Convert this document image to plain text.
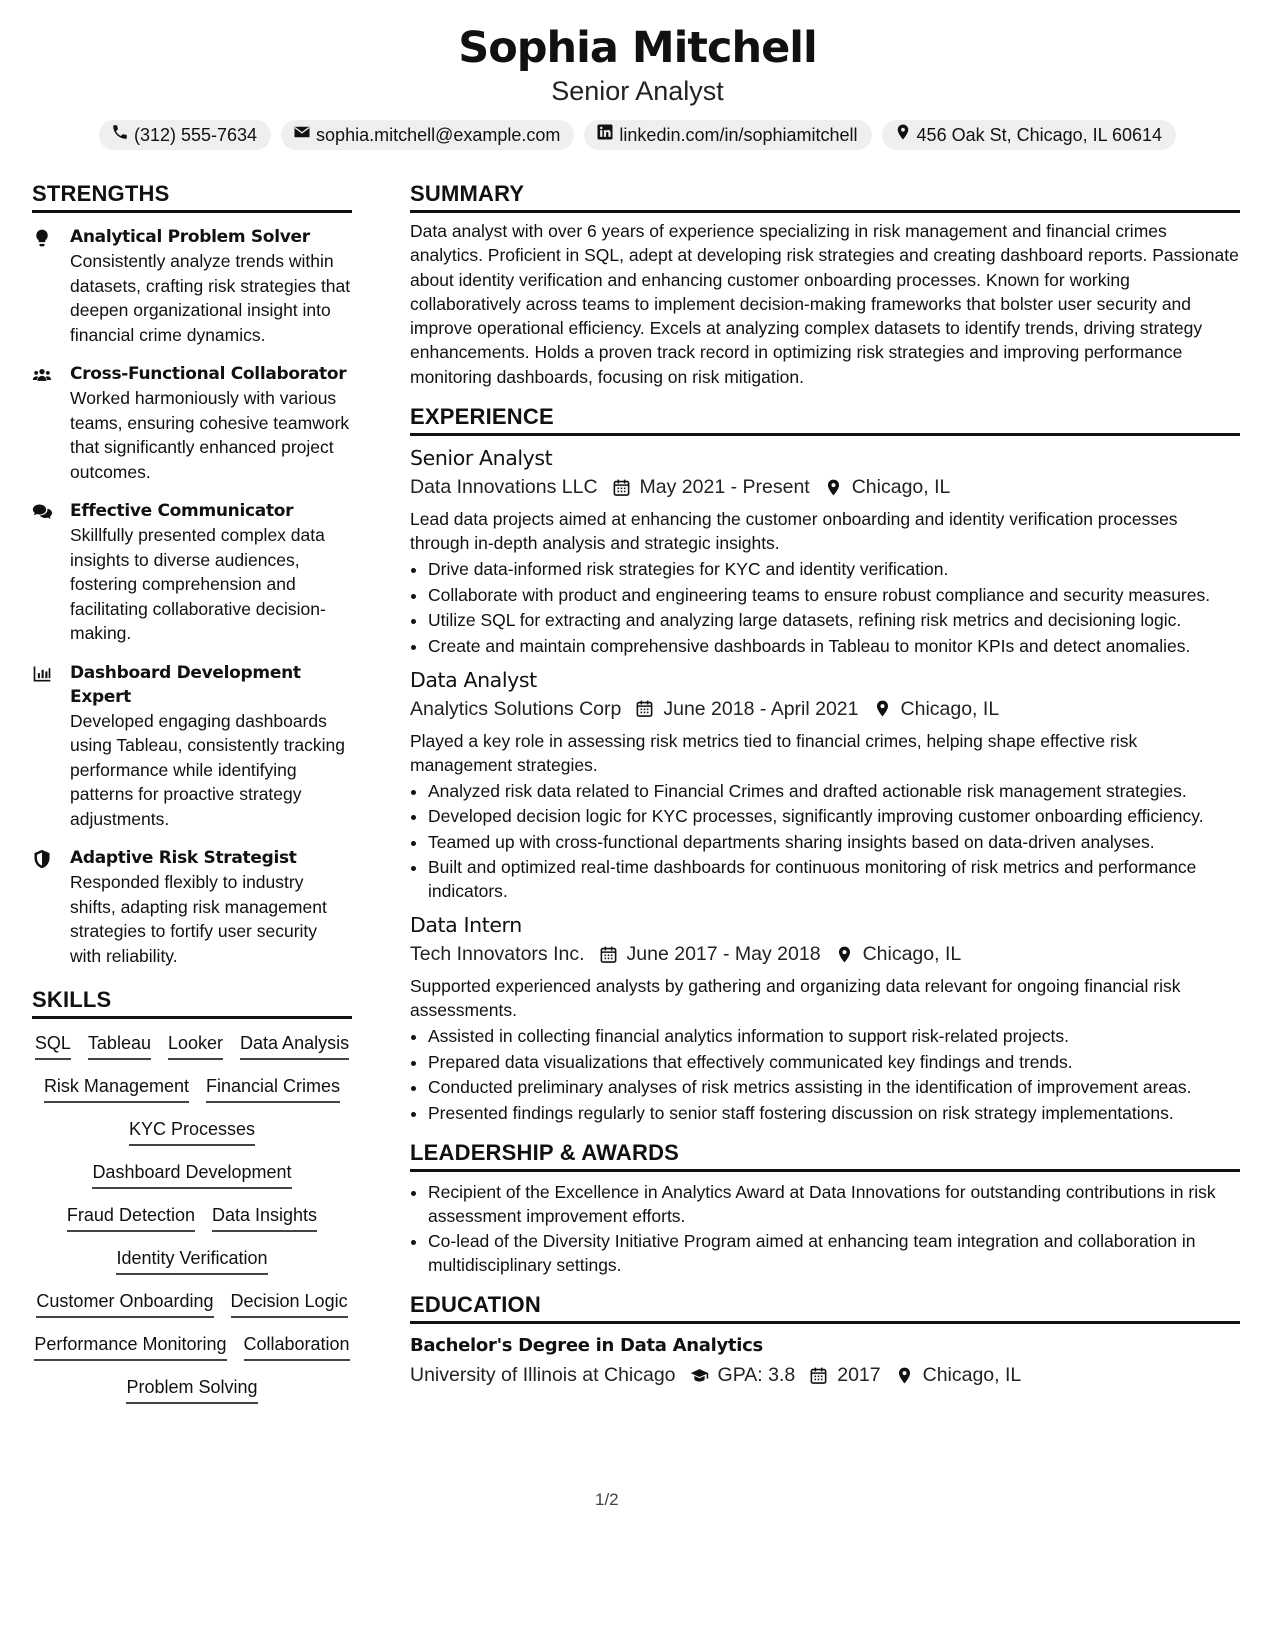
Sophia Mitchell
Senior Analyst
(312) 555-7634	sophia.mitchell@example.com	linkedin.com/in/sophiamitchell	456 Oak St, Chicago, IL 60614
STRENGTHS
Analytical Problem Solver
Consistently analyze trends within datasets, crafting risk strategies that deepen organizational insight into financial crime dynamics.
Cross-Functional Collaborator
Worked harmoniously with various teams, ensuring cohesive teamwork that significantly enhanced project outcomes.
Effective Communicator
Skillfully presented complex data insights to diverse audiences, fostering comprehension and facilitating collaborative decision-making.
Dashboard Development Expert
Developed engaging dashboards using Tableau, consistently tracking performance while identifying patterns for proactive strategy adjustments.
Adaptive Risk Strategist
Responded flexibly to industry shifts, adapting risk management strategies to fortify user security with reliability.
SKILLS
SQL Tableau Looker Data Analysis
Risk Management Financial Crimes
KYC Processes
Dashboard Development
Fraud Detection Data Insights
Identity Verification
Customer Onboarding Decision Logic
Performance Monitoring Collaboration
Problem Solving
SUMMARY
Data analyst with over 6 years of experience specializing in risk management and financial crimes analytics. Proficient in SQL, adept at developing risk strategies and creating dashboard reports. Passionate about identity verification and enhancing customer onboarding processes. Known for working collaboratively across teams to implement decision-making frameworks that bolster user security and improve operational efficiency. Excels at analyzing complex datasets to identify trends, driving strategy enhancements. Holds a proven track record in optimizing risk strategies and improving performance monitoring dashboards, focusing on risk mitigation.
EXPERIENCE
Senior Analyst
Data Innovations LLC May 2021 - Present Chicago, IL
Lead data projects aimed at enhancing the customer onboarding and identity verification processes through in-depth analysis and strategic insights.
• Drive data-informed risk strategies for KYC and identity verification.
• Collaborate with product and engineering teams to ensure robust compliance and security measures.
• Utilize SQL for extracting and analyzing large datasets, refining risk metrics and decisioning logic.
• Create and maintain comprehensive dashboards in Tableau to monitor KPIs and detect anomalies.
Data Analyst
Analytics Solutions Corp June 2018 - April 2021 Chicago, IL
Played a key role in assessing risk metrics tied to financial crimes, helping shape effective risk management strategies.
• Analyzed risk data related to Financial Crimes and drafted actionable risk management strategies.
• Developed decision logic for KYC processes, significantly improving customer onboarding efficiency.
• Teamed up with cross-functional departments sharing insights based on data-driven analyses.
• Built and optimized real-time dashboards for continuous monitoring of risk metrics and performance indicators.
Data Intern
Tech Innovators Inc. June 2017 - May 2018 Chicago, IL
Supported experienced analysts by gathering and organizing data relevant for ongoing financial risk assessments.
• Assisted in collecting financial analytics information to support risk-related projects.
• Prepared data visualizations that effectively communicated key findings and trends.
• Conducted preliminary analyses of risk metrics assisting in the identification of improvement areas.
• Presented findings regularly to senior staff fostering discussion on risk strategy implementations.
LEADERSHIP & AWARDS
• Recipient of the Excellence in Analytics Award at Data Innovations for outstanding contributions in risk assessment improvement efforts.
• Co-lead of the Diversity Initiative Program aimed at enhancing team integration and collaboration in multidisciplinary settings.
EDUCATION
Bachelor's Degree in Data Analytics
University of Illinois at Chicago GPA: 3.8 2017 Chicago, IL
1/2
